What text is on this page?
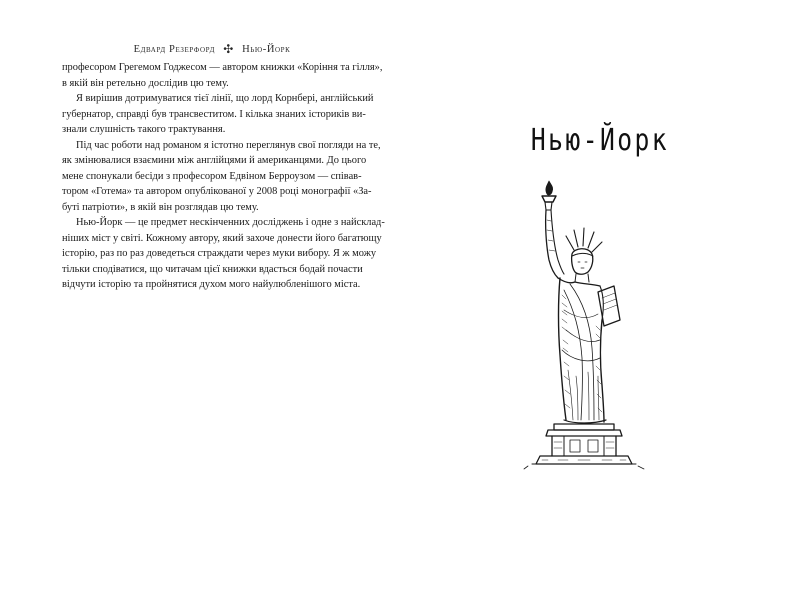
Едвард Резерфорд ✣ Нью-Йорк
професором Грегемом Годжесом — автором книжки «Коріння та гілля»,
в якій він ретельно дослідив цю тему.
Я вирішив дотримуватися тієї лінії, що лорд Корнбері, англійський
губернатор, справді був трансвеститом. І кілька знаних істориків ви-
знали слушність такого трактування.
Під час роботи над романом я істотно переглянув свої погляди на те,
як змінювалися взаємини між англійцями й американцями. До цього
мене спонукали бесіди з професором Едвіном Берроузом — співав-
тором «Готема» та автором опублікованої у 2008 році монографії «За-
буті патріоти», в якій він розглядав цю тему.
Нью-Йорк — це предмет нескінченних досліджень і одне з найсклад-
ніших міст у світі. Кожному автору, який захоче донести його багатющу
історію, раз по раз доведеться страждати через муки вибору. Я ж можу
тільки сподіватися, що читачам цієї книжки вдасться бодай почасти
відчути історію та пройнятися духом мого найулюбленішого міста.
Нью-Йорк
